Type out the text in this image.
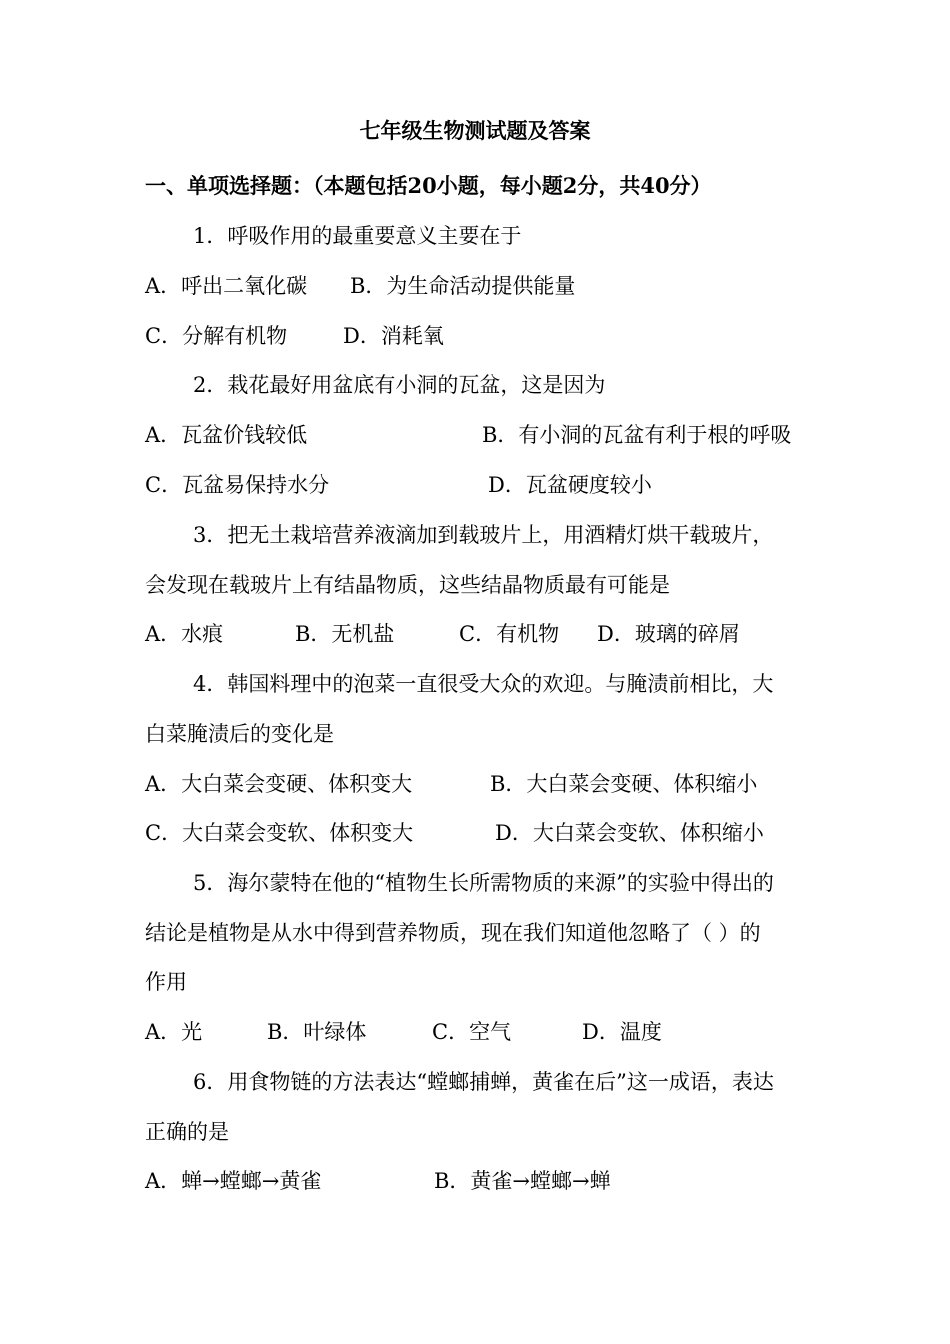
七年级生物测试题及答案
一、单项选择题：（本题包括20小题，每小题2分，共40分）
1．呼吸作用的最重要意义主要在于
A．呼出二氧化碳 B．为生命活动提供能量
C．分解有机物	D．消耗氧
2．栽花最好用盆底有小洞的瓦盆，这是因为
A．瓦盆价钱较低	B．有小洞的瓦盆有利于根的呼吸
C．瓦盆易保持水分	D．瓦盆硬度较小
3．把无土栽培营养液滴加到载玻片上，用酒精灯烘干载玻片，
会发现在载玻片上有结晶物质，这些结晶物质最有可能是
A．水痕	B．无机盐	C．有机物 D．玻璃的碎屑
4．韩国料理中的泡菜一直很受大众的欢迎。与腌渍前相比，大
白菜腌渍后的变化是
A．大白菜会变硬、体积变大	B．大白菜会变硬、体积缩小
C．大白菜会变软、体积变大	D．大白菜会变软、体积缩小
5．海尔蒙特在他的“植物生长所需物质的来源”的实验中得出的
结论是植物是从水中得到营养物质，现在我们知道他忽略了（ ）的
作用
A．光	B．叶绿体	C．空气	D．温度
6．用食物链的方法表达“螳螂捕蝉，黄雀在后”这一成语，表达
正确的是
A．蝉→螳螂→黄雀	B．黄雀→螳螂→蝉
